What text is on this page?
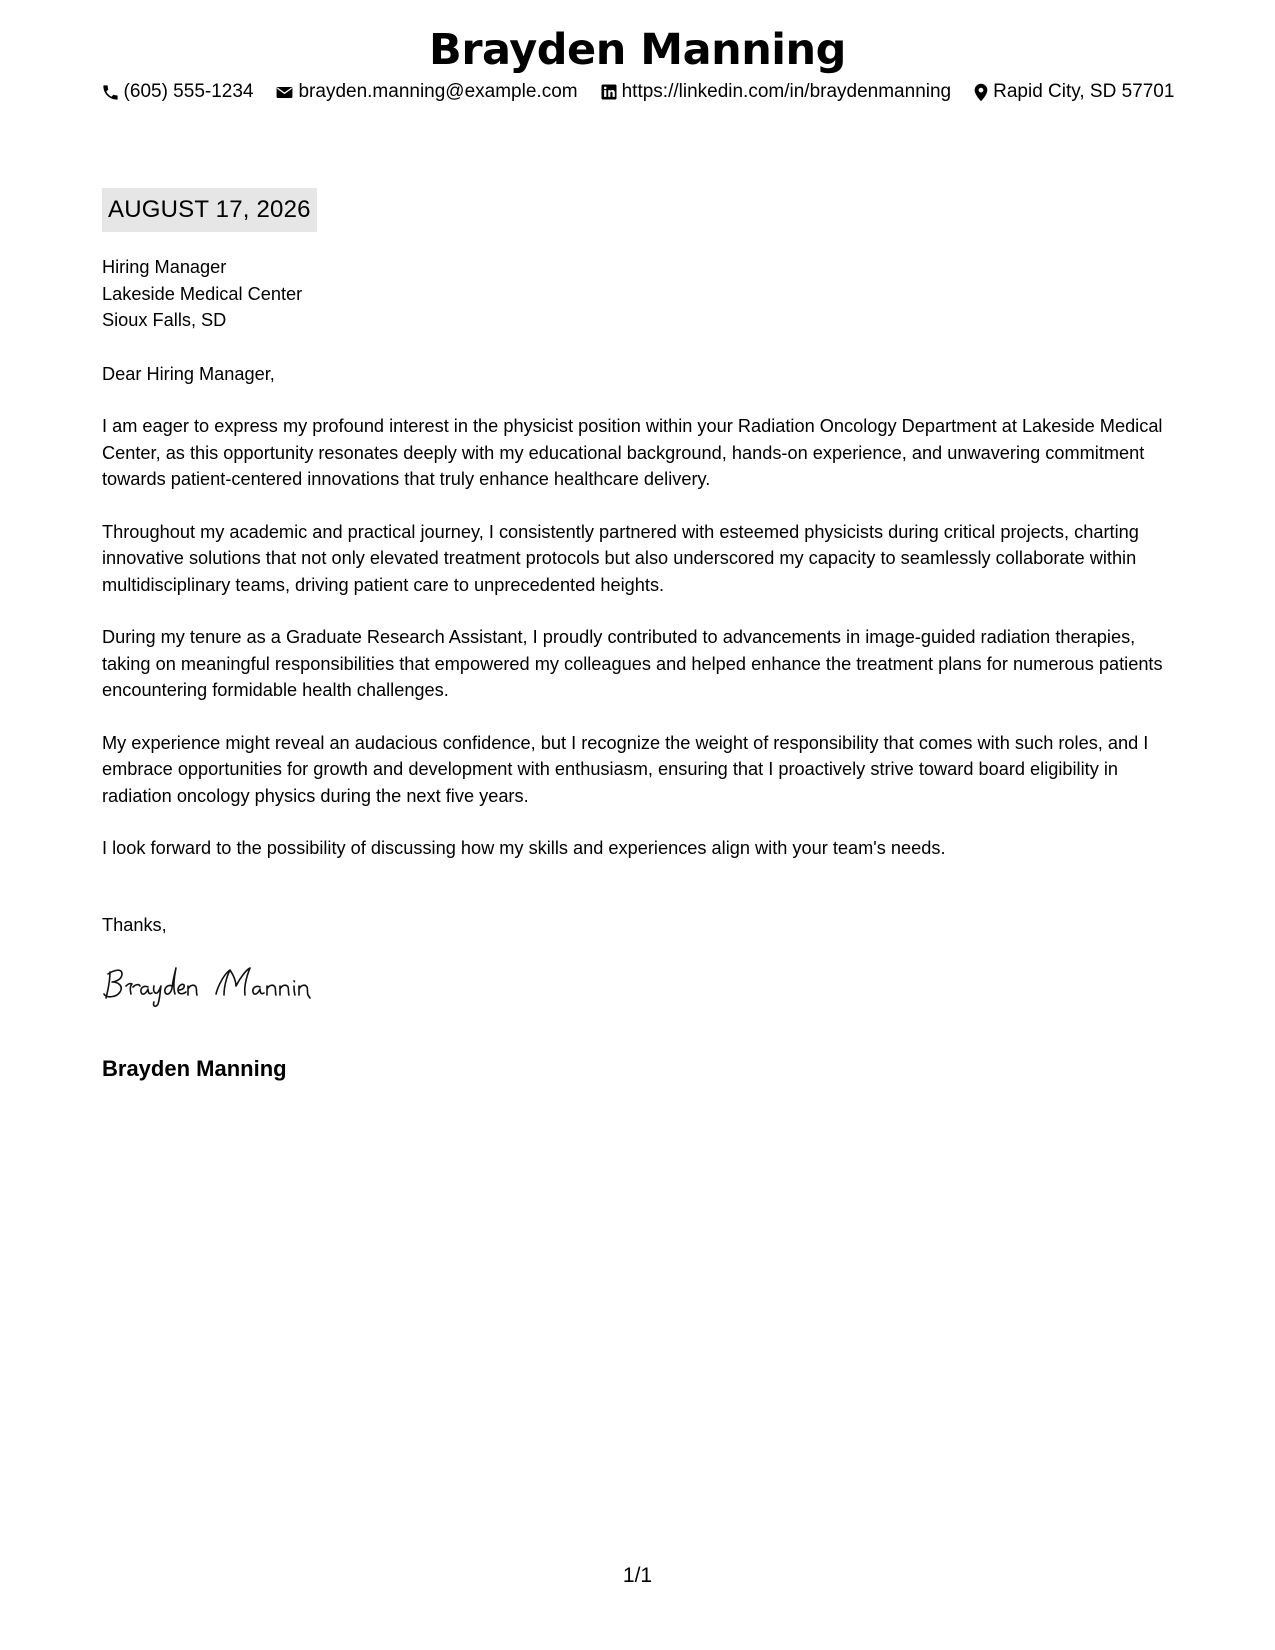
Brayden Manning
(605) 555-1234 brayden.manning@example.com https://linkedin.com/in/braydenmanning Rapid City, SD 57701
AUGUST 17, 2026
Hiring Manager
Lakeside Medical Center
Sioux Falls, SD
Dear Hiring Manager,
I am eager to express my profound interest in the physicist position within your Radiation Oncology Department at Lakeside Medical Center, as this opportunity resonates deeply with my educational background, hands-on experience, and unwavering commitment towards patient-centered innovations that truly enhance healthcare delivery.
Throughout my academic and practical journey, I consistently partnered with esteemed physicists during critical projects, charting innovative solutions that not only elevated treatment protocols but also underscored my capacity to seamlessly collaborate within multidisciplinary teams, driving patient care to unprecedented heights.
During my tenure as a Graduate Research Assistant, I proudly contributed to advancements in image-guided radiation therapies, taking on meaningful responsibilities that empowered my colleagues and helped enhance the treatment plans for numerous patients encountering formidable health challenges.
My experience might reveal an audacious confidence, but I recognize the weight of responsibility that comes with such roles, and I embrace opportunities for growth and development with enthusiasm, ensuring that I proactively strive toward board eligibility in radiation oncology physics during the next five years.
I look forward to the possibility of discussing how my skills and experiences align with your team's needs.
Thanks,
Brayden Manning
1/1
